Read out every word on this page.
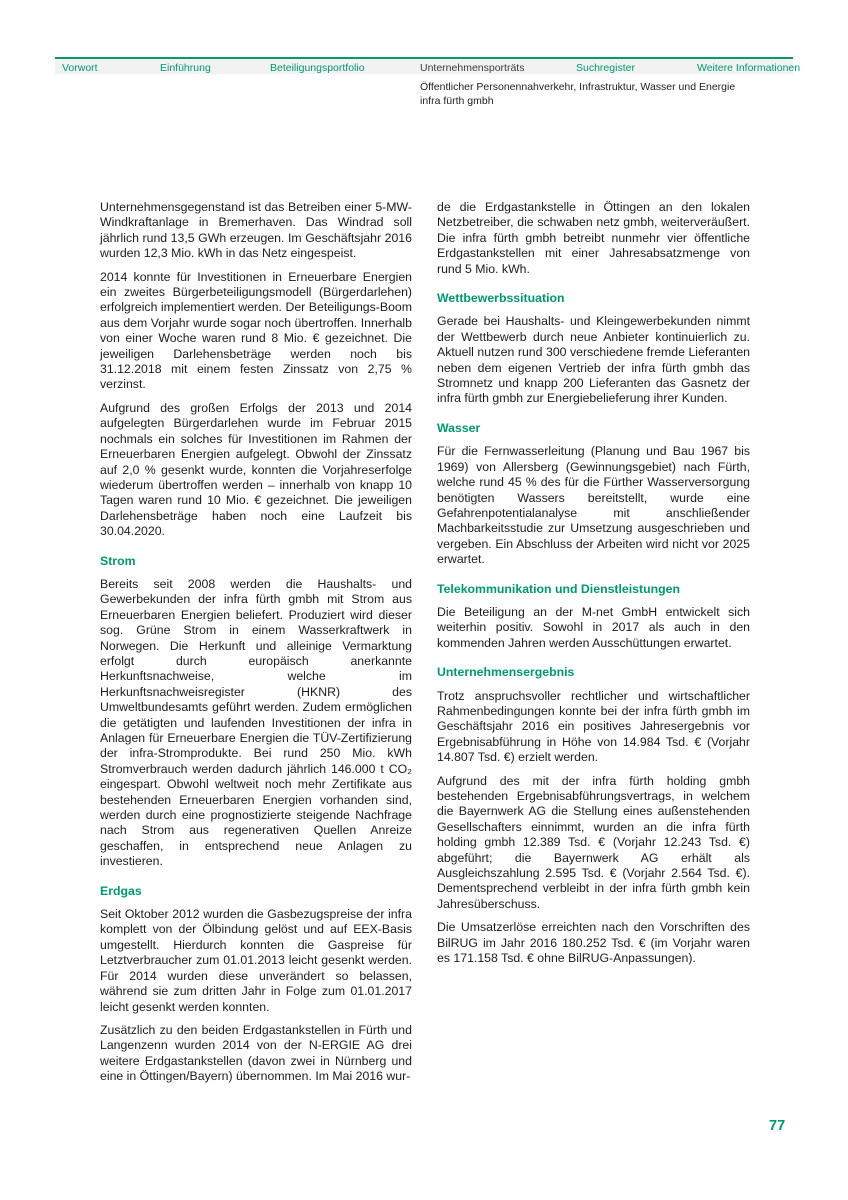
Vorwort	Einführung	Beteiligungsportfolio	Unternehmensporträts	Suchregister	Weitere Informationen
Öffentlicher Personennahverkehr, Infrastruktur, Wasser und Energie
infra fürth gmbh

Unternehmensgegenstand ist das Betreiben einer 5-MW-Windkraftanlage in Bremerhaven. Das Windrad soll jährlich rund 13,5 GWh erzeugen. Im Geschäftsjahr 2016 wurden 12,3 Mio. kWh in das Netz eingespeist.

2014 konnte für Investitionen in Erneuerbare Energien ein zweites Bürgerbeteiligungsmodell (Bürgerdarlehen) erfolgreich implementiert werden. Der Beteiligungs-Boom aus dem Vorjahr wurde sogar noch übertroffen. Innerhalb von einer Woche waren rund 8 Mio. € gezeichnet. Die jeweiligen Darlehensbeträge werden noch bis 31.12.2018 mit einem festen Zinssatz von 2,75 % verzinst.

Aufgrund des großen Erfolgs der 2013 und 2014 aufgelegten Bürgerdarlehen wurde im Februar 2015 nochmals ein solches für Investitionen im Rahmen der Erneuerbaren Energien aufgelegt. Obwohl der Zinssatz auf 2,0 % gesenkt wurde, konnten die Vorjahreserfolge wiederum übertroffen werden – innerhalb von knapp 10 Tagen waren rund 10 Mio. € gezeichnet. Die jeweiligen Darlehensbeträge haben noch eine Laufzeit bis 30.04.2020.

Strom

Bereits seit 2008 werden die Haushalts- und Gewerbekunden der infra fürth gmbh mit Strom aus Erneuerbaren Energien beliefert. Produziert wird dieser sog. Grüne Strom in einem Wasserkraftwerk in Norwegen. Die Herkunft und alleinige Vermarktung erfolgt durch europäisch anerkannte Herkunftsnachweise, welche im Herkunftsnachweisregister (HKNR) des Umweltbundesamts geführt werden. Zudem ermöglichen die getätigten und laufenden Investitionen der infra in Anlagen für Erneuerbare Energien die TÜV-Zertifizierung der infra-Stromprodukte. Bei rund 250 Mio. kWh Stromverbrauch werden dadurch jährlich 146.000 t CO₂ eingespart. Obwohl weltweit noch mehr Zertifikate aus bestehenden Erneuerbaren Energien vorhanden sind, werden durch eine prognostizierte steigende Nachfrage nach Strom aus regenerativen Quellen Anreize geschaffen, in entsprechend neue Anlagen zu investieren.

Erdgas

Seit Oktober 2012 wurden die Gasbezugspreise der infra komplett von der Ölbindung gelöst und auf EEX-Basis umgestellt. Hierdurch konnten die Gaspreise für Letztverbraucher zum 01.01.2013 leicht gesenkt werden. Für 2014 wurden diese unverändert so belassen, während sie zum dritten Jahr in Folge zum 01.01.2017 leicht gesenkt werden konnten.

Zusätzlich zu den beiden Erdgastankstellen in Fürth und Langenzenn wurden 2014 von der N-ERGIE AG drei weitere Erdgastankstellen (davon zwei in Nürnberg und eine in Öttingen/Bayern) übernommen. Im Mai 2016 wur-

de die Erdgastankstelle in Öttingen an den lokalen Netzbetreiber, die schwaben netz gmbh, weiterveräußert. Die infra fürth gmbh betreibt nunmehr vier öffentliche Erdgastankstellen mit einer Jahresabsatzmenge von rund 5 Mio. kWh.

Wettbewerbssituation

Gerade bei Haushalts- und Kleingewerbekunden nimmt der Wettbewerb durch neue Anbieter kontinuierlich zu. Aktuell nutzen rund 300 verschiedene fremde Lieferanten neben dem eigenen Vertrieb der infra fürth gmbh das Stromnetz und knapp 200 Lieferanten das Gasnetz der infra fürth gmbh zur Energiebelieferung ihrer Kunden.

Wasser

Für die Fernwasserleitung (Planung und Bau 1967 bis 1969) von Allersberg (Gewinnungsgebiet) nach Fürth, welche rund 45 % des für die Fürther Wasserversorgung benötigten Wassers bereitstellt, wurde eine Gefahrenpotentialanalyse mit anschließender Machbarkeitsstudie zur Umsetzung ausgeschrieben und vergeben. Ein Abschluss der Arbeiten wird nicht vor 2025 erwartet.

Telekommunikation und Dienstleistungen

Die Beteiligung an der M-net GmbH entwickelt sich weiterhin positiv. Sowohl in 2017 als auch in den kommenden Jahren werden Ausschüttungen erwartet.

Unternehmensergebnis

Trotz anspruchsvoller rechtlicher und wirtschaftlicher Rahmenbedingungen konnte bei der infra fürth gmbh im Geschäftsjahr 2016 ein positives Jahresergebnis vor Ergebnisabführung in Höhe von 14.984 Tsd. € (Vorjahr 14.807 Tsd. €) erzielt werden.

Aufgrund des mit der infra fürth holding gmbh bestehenden Ergebnisabführungsvertrags, in welchem die Bayernwerk AG die Stellung eines außenstehenden Gesellschafters einnimmt, wurden an die infra fürth holding gmbh 12.389 Tsd. € (Vorjahr 12.243 Tsd. €) abgeführt; die Bayernwerk AG erhält als Ausgleichszahlung 2.595 Tsd. € (Vorjahr 2.564 Tsd. €). Dementsprechend verbleibt in der infra fürth gmbh kein Jahresüberschuss.

Die Umsatzerlöse erreichten nach den Vorschriften des BilRUG im Jahr 2016 180.252 Tsd. € (im Vorjahr waren es 171.158 Tsd. € ohne BilRUG-Anpassungen).

77
